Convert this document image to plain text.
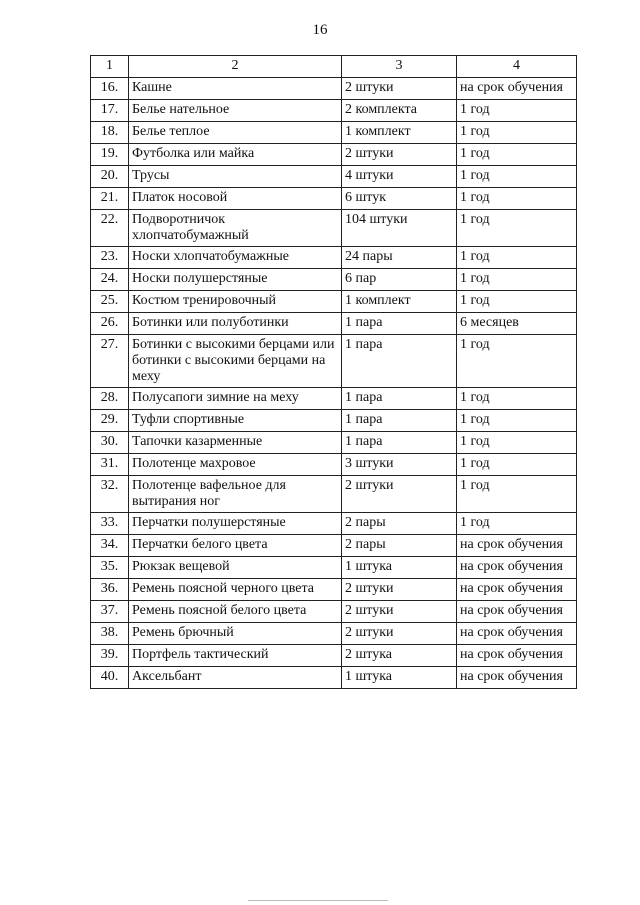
16
1	2	3	4
16.	Кашне	2 штуки	на срок обучения
17.	Белье нательное	2 комплекта	1 год
18.	Белье теплое	1 комплект	1 год
19.	Футболка или майка	2 штуки	1 год
20.	Трусы	4 штуки	1 год
21.	Платок носовой	6 штук	1 год
22.	Подворотничок хлопчатобумажный	104 штуки	1 год
23.	Носки хлопчатобумажные	24 пары	1 год
24.	Носки полушерстяные	6 пар	1 год
25.	Костюм тренировочный	1 комплект	1 год
26.	Ботинки или полуботинки	1 пара	6 месяцев
27.	Ботинки с высокими берцами или ботинки с высокими берцами на меху	1 пара	1 год
28.	Полусапоги зимние на меху	1 пара	1 год
29.	Туфли спортивные	1 пара	1 год
30.	Тапочки казарменные	1 пара	1 год
31.	Полотенце махровое	3 штуки	1 год
32.	Полотенце вафельное для вытирания ног	2 штуки	1 год
33.	Перчатки полушерстяные	2 пары	1 год
34.	Перчатки белого цвета	2 пары	на срок обучения
35.	Рюкзак вещевой	1 штука	на срок обучения
36.	Ремень поясной черного цвета	2 штуки	на срок обучения
37.	Ремень поясной белого цвета	2 штуки	на срок обучения
38.	Ремень брючный	2 штуки	на срок обучения
39.	Портфель тактический	2 штука	на срок обучения
40.	Аксельбант	1 штука	на срок обучения
